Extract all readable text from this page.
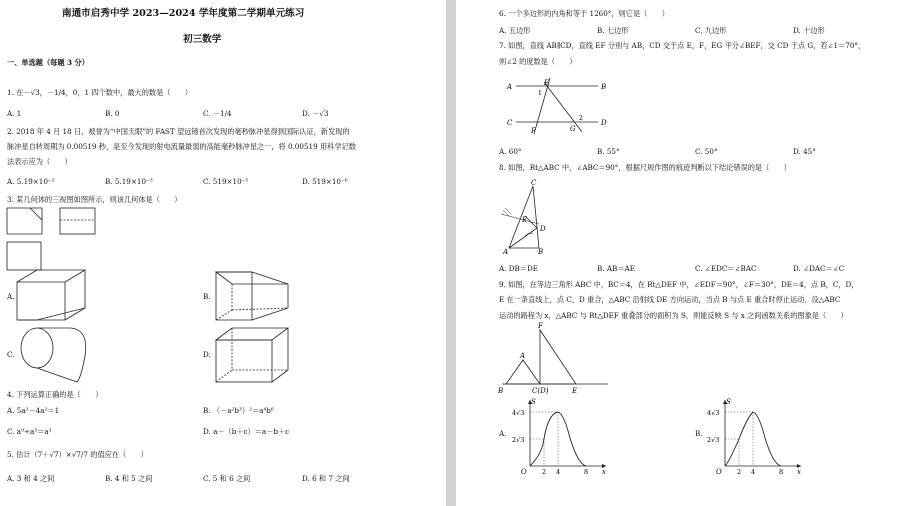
南通市启秀中学 2023—2024 学年度第二学期单元练习
初三数学
一、单选题（每题 3 分）
1. 在－√3，－1/4，0，1 四个数中，最大的数是（　　）
A. 1	B. 0	C. －1/4	D. －√3
2. 2018 年 4 月 18 日，被誉为“中国天眼”的 FAST 望远镜首次发现的毫秒脉冲星得到国际认证，新发现的
脉冲星自转周期为 0.00519 秒，是至今发现的射电流量最弱的高能毫秒脉冲星之一，将 0.00519 用科学记数
法表示应为（　　）
A. 5.19×10⁻²	B. 5.19×10⁻³	C. 519×10⁻⁵	D. 519×10⁻⁶
3. 某几何体的三视图如图所示，则该几何体是（　　）
A.	B.
C.	D.
4. 下列运算正确的是（　　）
A. 5a²－4a²＝1	B. （－a²b³）²＝a⁴b⁶
C. a⁹÷a³＝a³	D. a－（b＋c）＝a－b＋c
5. 估计（7＋√7）×√7/7 的值应在（　　）
A. 3 和 4 之间	B. 4 和 5 之间	C. 5 和 6 之间	D. 6 和 7 之间
6. 一个多边形的内角和等于 1260°，则它是（　　）
A. 五边形	B. 七边形	C. 九边形	D. 十边形
7. 如图，直线 AB∥CD，直线 EF 分别与 AB，CD 交于点 E，F，EG 平分∠BEF，交 CD 于点 G，若∠1＝70°，
则∠2 的度数是（　　）
A	E
1
B
C
F	G
2
D
A. 60°	B. 55°	C. 50°	D. 45°
8. 如图，Rt△ABC 中，∠ABC＝90°，根据尺规作图的痕迹判断以下结论错误的是（　　）
C
E
D
A	B
A. DB＝DE	B. AB＝AE	C. ∠EDC＝∠BAC	D. ∠DAC＝∠C
9. 如图，在等边三角形 ABC 中，BC＝4，在 Rt△DEF 中，∠EDF＝90°，∠F＝30°，DE＝4，点 B，C，D，
E 在一条直线上，点 C，D 重合，△ABC 沿射线 DE 方向运动，当点 B 与点 E 重合时停止运动．设△ABC
运动的路程为 x，△ABC 与 Rt△DEF 重叠部分的面积为 S，则能反映 S 与 x 之间函数关系的图象是（　　）
F
A
B	C(D)	E
A.
S
x
O
4√3
2√3
2 4	8
B.
S
x
O
4√3
2√3
2 4	8
